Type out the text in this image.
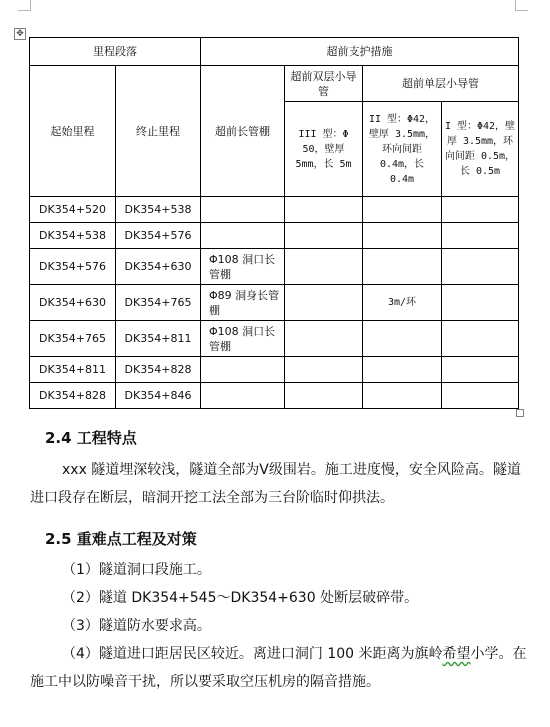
✥
里程段落		超前支护措施			
起始里程	终止里程	超前长管棚	超前双层小导管	超前单层小导管	
			III 型：Φ 50，壁厚 5mm，长 5m	II 型：Φ42，壁厚 3.5mm，环向间距 0.4m，长 0.4m	I 型：Φ42，壁厚 3.5mm，环向间距 0.5m，长 0.5m
DK354+520	DK354+538				
DK354+538	DK354+576				
DK354+576	DK354+630	Φ108 洞口长管棚			
DK354+630	DK354+765	Φ89 洞身长管棚		3m/环	
DK354+765	DK354+811	Φ108 洞口长管棚			
DK354+811	DK354+828				
DK354+828	DK354+846				
2.4 工程特点

xxx 隧道埋深较浅，隧道全部为Ⅴ级围岩。施工进度慢，安全风险高。隧道进口段存在断层，暗洞开挖工法全部为三台阶临时仰拱法。

2.5 重难点工程及对策

（1）隧道洞口段施工。

（2）隧道 DK354+545～DK354+630 处断层破碎带。

（3）隧道防水要求高。

（4）隧道进口距居民区较近。离进口洞门 100 米距离为旗岭希望小学。在施工中以防噪音干扰，所以要采取空压机房的隔音措施。
